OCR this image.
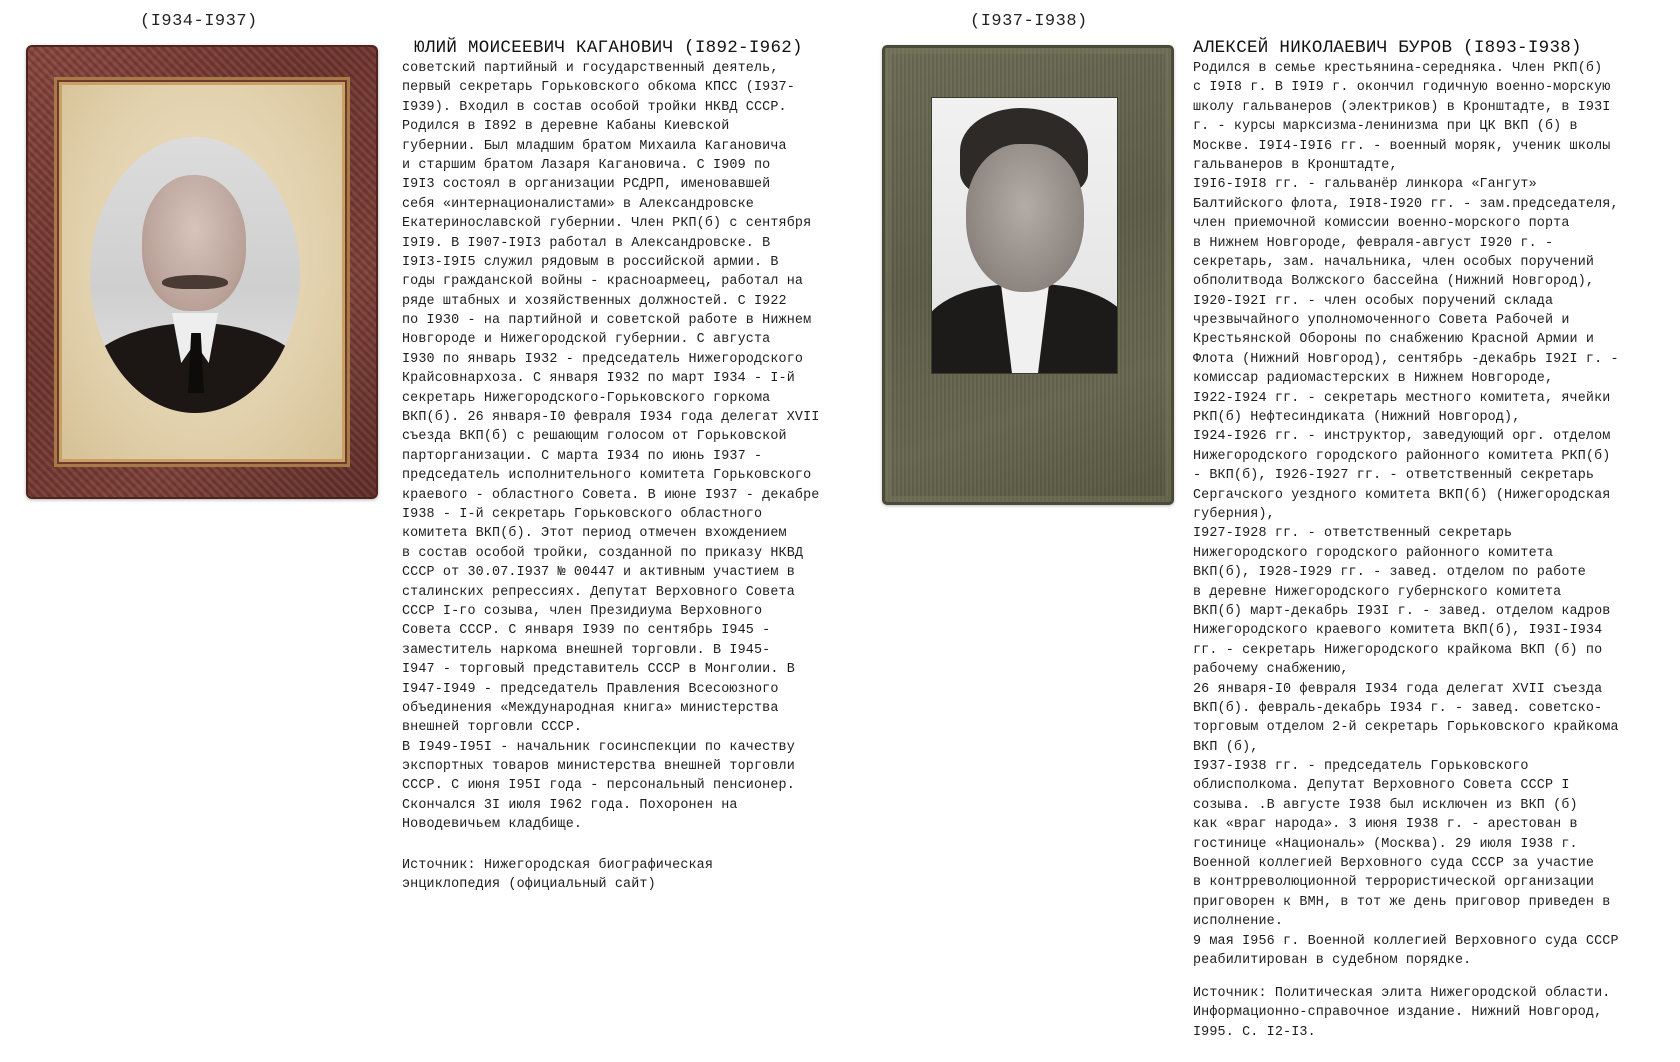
(I934-I937)
ЮЛИЙ МОИСЕЕВИЧ КАГАНОВИЧ (I892-I962)
советский партийный и государственный деятель,
первый секретарь Горьковского обкома КПСС (I937-
I939). Входил в состав особой тройки НКВД СССР.
Родился в I892 в деревне Кабаны Киевской
губернии. Был младшим братом Михаила Кагановича
и старшим братом Лазаря Кагановича. С I909 по
I9I3 состоял в организации РСДРП, именовавшей
себя «интернационалистами» в Александровске
Екатеринославской губернии. Член РКП(б) с сентября
I9I9. В I907-I9I3 работал в Александровске. В
I9I3-I9I5 служил рядовым в российской армии. В
годы гражданской войны - красноармеец, работал на
ряде штабных и хозяйственных должностей. С I922
по I930 - на партийной и советской работе в Нижнем
Новгороде и Нижегородской губернии. С августа
I930 по январь I932 - председатель Нижегородского
Крайсовнархоза. С января I932 по март I934 - I-й
секретарь Нижегородского-Горьковского горкома
ВКП(б). 26 января-I0 февраля I934 года делегат XVII
съезда ВКП(б) с решающим голосом от Горьковской
парторганизации. С марта I934 по июнь I937 -
председатель исполнительного комитета Горьковского
краевого - областного Совета. В июне I937 - декабре
I938 - I-й секретарь Горьковского областного
комитета ВКП(б). Этот период отмечен вхождением
в состав особой тройки, созданной по приказу НКВД
СССР от 30.07.I937 № 00447 и активным участием в
сталинских репрессиях. Депутат Верховного Совета
СССР I-го созыва, член Президиума Верховного
Совета СССР. С января I939 по сентябрь I945 -
заместитель наркома внешней торговли. В I945-
I947 - торговый представитель СССР в Монголии. В
I947-I949 - председатель Правления Всесоюзного
объединения «Международная книга» министерства
внешней торговли СССР.
В I949-I95I - начальник госинспекции по качеству
экспортных товаров министерства внешней торговли
СССР. С июня I95I года - персональный пенсионер.
Скончался 3I июля I962 года. Похоронен на
Новодевичьем кладбище.
Источник: Нижегородская биографическая
энциклопедия (официальный сайт)
(I937-I938)
АЛЕКСЕЙ НИКОЛАЕВИЧ БУРОВ (I893-I938)
Родился в семье крестьянина-середняка. Член РКП(б)
с I9I8 г. В I9I9 г. окончил годичную военно-морскую
школу гальванеров (электриков) в Кронштадте, в I93I
г. - курсы марксизма-ленинизма при ЦК ВКП (б) в
Москве. I9I4-I9I6 гг. - военный моряк, ученик школы
гальванеров в Кронштадте,
I9I6-I9I8 гг. - гальванёр линкора «Гангут»
Балтийского флота, I9I8-I920 гг. - зам.председателя,
член приемочной комиссии военно-морского порта
в Нижнем Новгороде, февраля-август I920 г. -
секретарь, зам. начальника, член особых поручений
обполитвода Волжского бассейна (Нижний Новгород),
I920-I92I гг. - член особых поручений склада
чрезвычайного уполномоченного Совета Рабочей и
Крестьянской Обороны по снабжению Красной Армии и
Флота (Нижний Новгород), сентябрь -декабрь I92I г. -
комиссар радиомастерских в Нижнем Новгороде,
I922-I924 гг. - секретарь местного комитета, ячейки
РКП(б) Нефтесиндиката (Нижний Новгород),
I924-I926 гг. - инструктор, заведующий орг. отделом
Нижегородского городского районного комитета РКП(б)
- ВКП(б), I926-I927 гг. - ответственный секретарь
Сергачского уездного комитета ВКП(б) (Нижегородская
губерния),
I927-I928 гг. - ответственный секретарь
Нижегородского городского районного комитета
ВКП(б), I928-I929 гг. - завед. отделом по работе
в деревне Нижегородского губернского комитета
ВКП(б) март-декабрь I93I г. - завед. отделом кадров
Нижегородского краевого комитета ВКП(б), I93I-I934
гг. - секретарь Нижегородского крайкома ВКП (б) по
рабочему снабжению,
26 января-I0 февраля I934 года делегат XVII съезда
ВКП(б). февраль-декабрь I934 г. - завед. советско-
торговым отделом 2-й секретарь Горьковского крайкома
ВКП (б),
I937-I938 гг. - председатель Горьковского
облисполкома. Депутат Верховного Совета СССР I
созыва. .В августе I938 был исключен из ВКП (б)
как «враг народа». 3 июня I938 г. - арестован в
гостинице «Националь» (Москва). 29 июля I938 г.
Военной коллегией Верховного суда СССР за участие
в контрреволюционной террористической организации
приговорен к ВМН, в тот же день приговор приведен в
исполнение.
9 мая I956 г. Военной коллегией Верховного суда СССР
реабилитирован в судебном порядке.
Источник: Политическая элита Нижегородской области.
Информационно-справочное издание. Нижний Новгород,
I995. С. I2-I3.
